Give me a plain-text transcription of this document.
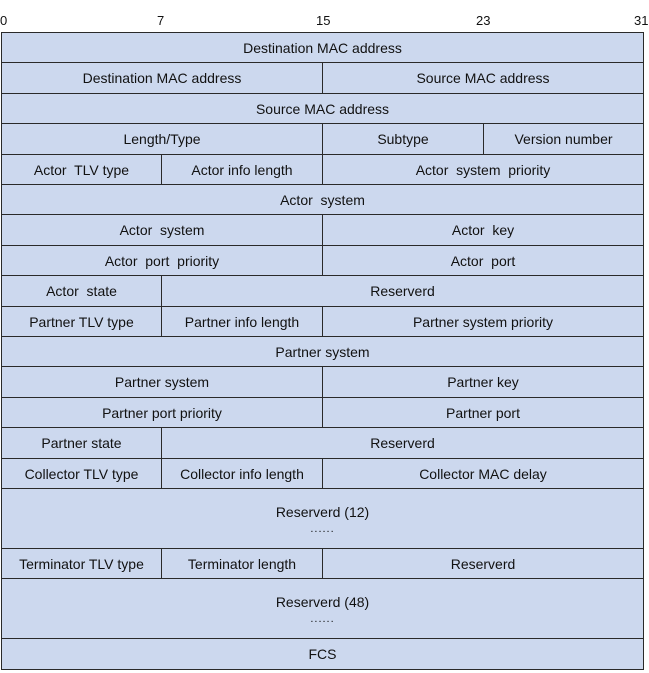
0	7	15	23	31
Destination MAC address
Destination MAC address	Source MAC address
Source MAC address
Length/Type	Subtype	Version number
Actor  TLV type	Actor info length	Actor  system  priority
Actor  system
Actor  system	Actor  key
Actor  port  priority	Actor  port
Actor  state	Reserverd
Partner TLV type	Partner info length	Partner system priority
Partner system
Partner system	Partner key
Partner port priority	Partner port
Partner state	Reserverd
Collector TLV type	Collector info length	Collector MAC delay
Reserverd (12)
......
Terminator TLV type	Terminator length	Reserverd
Reserverd (48)
......
FCS
